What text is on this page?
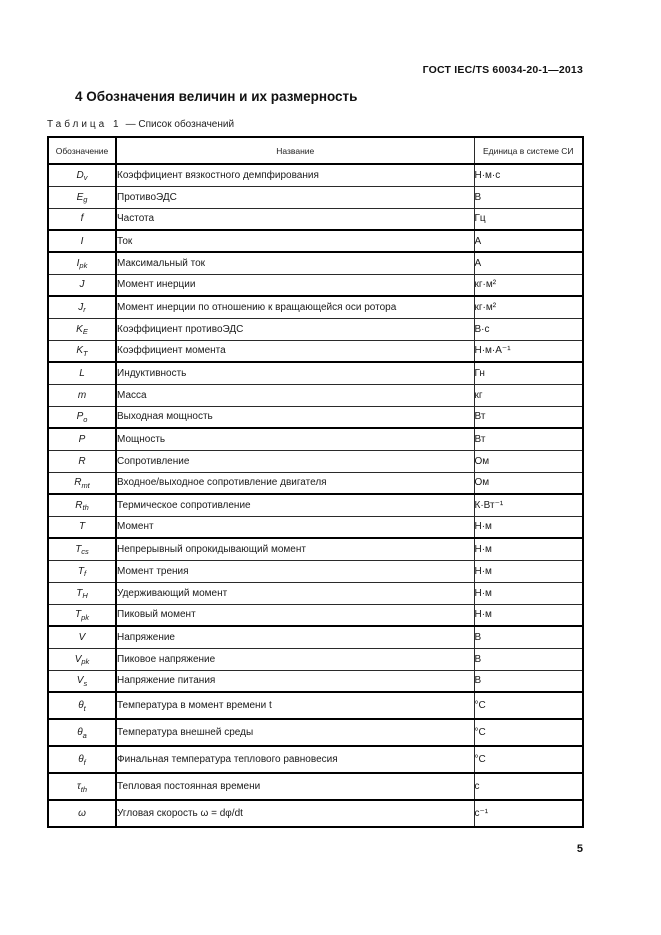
ГОСТ IEC/TS 60034-20-1—2013
4 Обозначения величин и их размерность
Таблица 1 — Список обозначений
Обозначение	Название	Единица в системе СИ
$D_v$	Коэффициент вязкостного демпфирования	Н·м·с
$E_g$	ПротивоЭДС	В
f	Частота	Гц
I	Ток	А
$I_{pk}$	Максимальный ток	А
J	Момент инерции	кг·м²
$J_r$	Момент инерции по отношению к вращающейся оси ротора	кг·м²
$K_E$	Коэффициент противоЭДС	В·с
$K_T$	Коэффициент момента	Н·м·А⁻¹
L	Индуктивность	Гн
m	Масса	кг
$P_o$	Выходная мощность	Вт
P	Мощность	Вт
R	Сопротивление	Ом
$R_{mt}$	Входное/выходное сопротивление двигателя	Ом
$R_{th}$	Термическое сопротивление	К·Вт⁻¹
T	Момент	Н·м
$T_{cs}$	Непрерывный опрокидывающий момент	Н·м
$T_f$	Момент трения	Н·м
$T_H$	Удерживающий момент	Н·м
$T_{pk}$	Пиковый момент	Н·м
V	Напряжение	В
$V_{pk}$	Пиковое напряжение	В
$V_s$	Напряжение питания	В
$\theta_t$	Температура в момент времени t	°С
$\theta_a$	Температура внешней среды	°С
$\theta_f$	Финальная температура теплового равновесия	°С
$\tau_{th}$	Тепловая постоянная времени	с
ω	Угловая скорость ω = dφ/dt	с⁻¹
5
